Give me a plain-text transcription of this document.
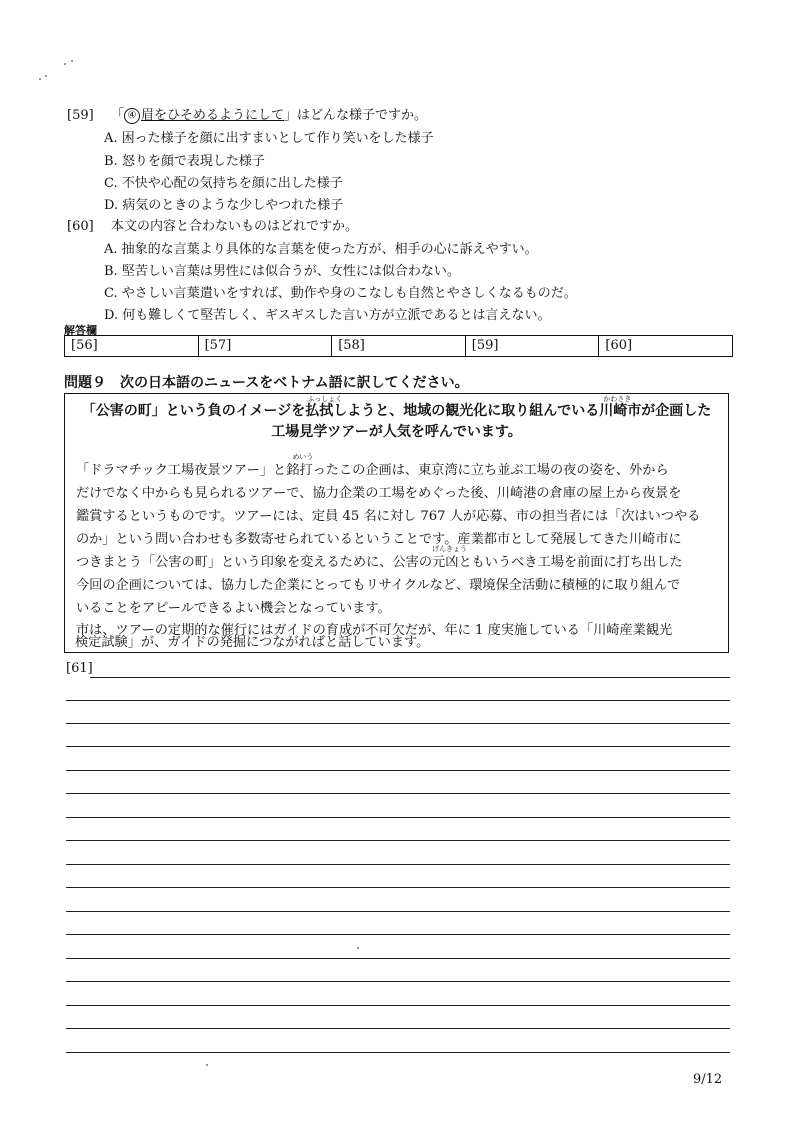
[59] 「 ④ 眉をひそめるようにして」はどんな様子ですか。
A. 困った様子を顔に出すまいとして作り笑いをした様子
B. 怒りを顔で表現した様子
C. 不快や心配の気持ちを顔に出した様子
D. 病気のときのような少しやつれた様子
[60] 本文の内容と合わないものはどれですか。
A. 抽象的な言葉より具体的な言葉を使った方が、相手の心に訴えやすい。
B. 堅苦しい言葉は男性には似合うが、女性には似合わない。
C. やさしい言葉遣いをすれば、動作や身のこなしも自然とやさしくなるものだ。
D. 何も難しくて堅苦しく、ギスギスした言い方が立派であるとは言えない。
解答欄
[56]	[57]	[58]	[59]	[60]
問題９　次の日本語のニュースをベトナム語に訳してください。
「公害の町」という負のイメージを
ふっしょく
払拭しようと、地域の観光化に取り組んでいる
かわさき
川崎市が企画した
工場見学ツアーが人気を呼んでいます。
「ドラマチック工場夜景ツアー」と
めいう
銘打ったこの企画は、東京湾に立ち並ぶ工場の夜の姿を、外から
だけでなく中からも見られるツアーで、協力企業の工場をめぐった後、川崎港の倉庫の屋上から夜景を
鑑賞するというものです。ツアーには、定員 45 名に対し 767 人が応募、市の担当者には「次はいつやる
のか」という問い合わせも多数寄せられているということです。産業都市として発展してきた川崎市に
つきまとう「公害の町」という印象を変えるために、公害の
げんきょう
元凶ともいうべき工場を前面に打ち出した
今回の企画については、協力した企業にとってもリサイクルなど、環境保全活動に積極的に取り組んで
いることをアピールできるよい機会となっています。
市は、ツアーの定期的な催行にはガイドの育成が不可欠だが、年に 1 度実施している「川崎産業観光
検定試験」が、ガイドの発掘につながればと話しています。
[61]
9/12
